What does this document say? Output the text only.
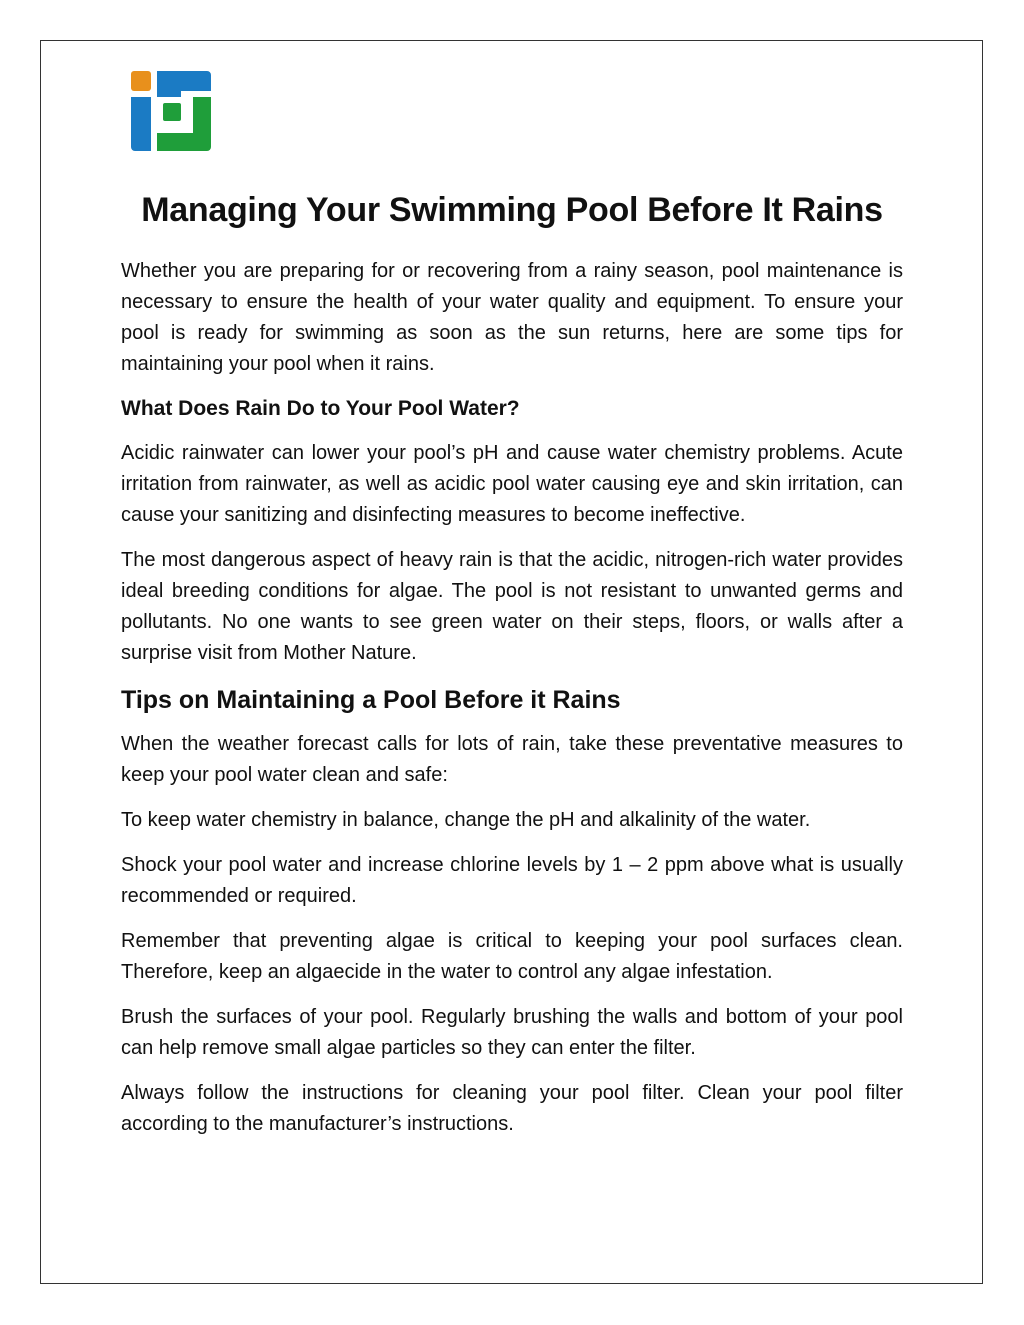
Managing Your Swimming Pool Before It Rains

Whether you are preparing for or recovering from a rainy season, pool maintenance is necessary to ensure the health of your water quality and equipment. To ensure your pool is ready for swimming as soon as the sun returns, here are some tips for maintaining your pool when it rains.

What Does Rain Do to Your Pool Water?

Acidic rainwater can lower your pool’s pH and cause water chemistry problems. Acute irritation from rainwater, as well as acidic pool water causing eye and skin irritation, can cause your sanitizing and disinfecting measures to become ineffective.

The most dangerous aspect of heavy rain is that the acidic, nitrogen-rich water provides ideal breeding conditions for algae. The pool is not resistant to unwanted germs and pollutants. No one wants to see green water on their steps, floors, or walls after a surprise visit from Mother Nature.

Tips on Maintaining a Pool Before it Rains

When the weather forecast calls for lots of rain, take these preventative measures to keep your pool water clean and safe:

To keep water chemistry in balance, change the pH and alkalinity of the water.

Shock your pool water and increase chlorine levels by 1 – 2 ppm above what is usually recommended or required.

Remember that preventing algae is critical to keeping your pool surfaces clean. Therefore, keep an algaecide in the water to control any algae infestation.

Brush the surfaces of your pool. Regularly brushing the walls and bottom of your pool can help remove small algae particles so they can enter the filter.

Always follow the instructions for cleaning your pool filter. Clean your pool filter according to the manufacturer’s instructions.
